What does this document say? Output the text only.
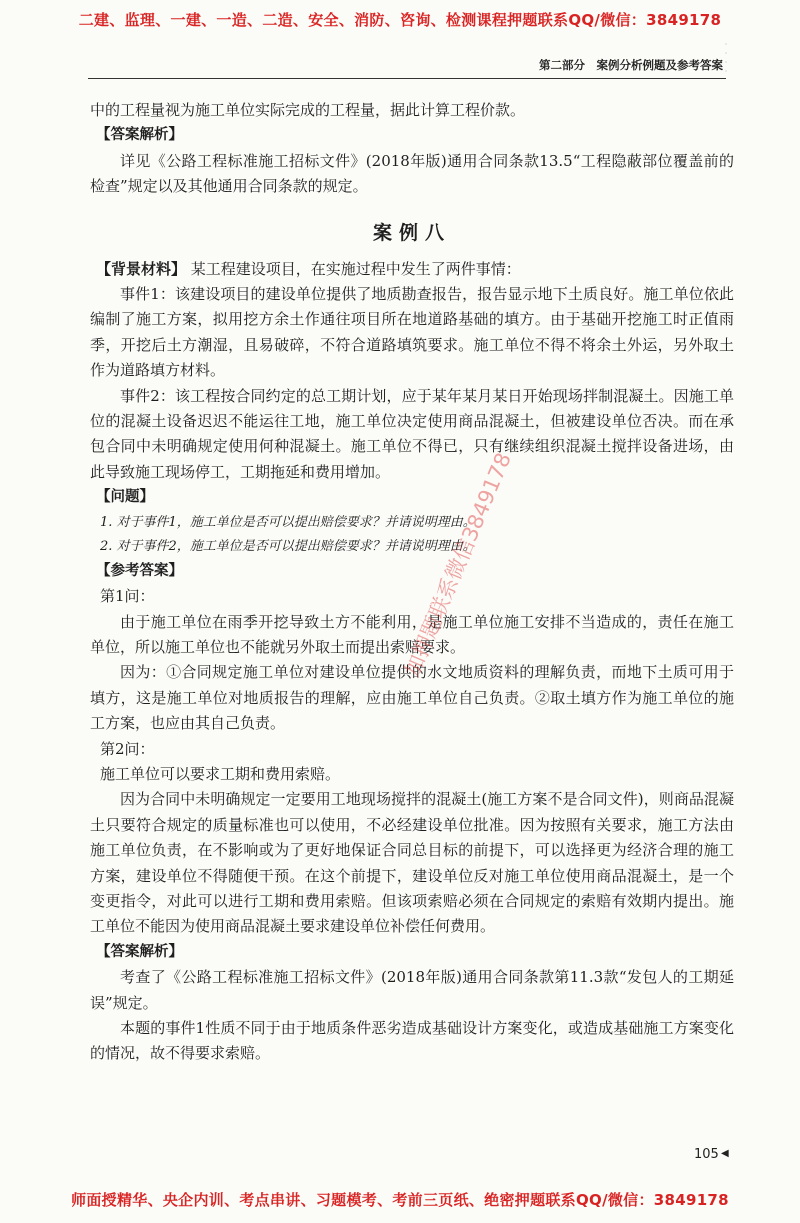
二建、监理、一建、一造、二造、安全、消防、咨询、检测课程押题联系QQ/微信：3849178
·
·
·
·
第二部分　案例分析例题及参考答案

中的工程量视为施工单位实际完成的工程量，据此计算工程价款。

【答案解析】

详见《公路工程标准施工招标文件》(2018年版)通用合同条款13.5“工程隐蔽部位覆盖前的检查”规定以及其他通用合同条款的规定。

案例八

【背景材料】 某工程建设项目，在实施过程中发生了两件事情：

事件1：该建设项目的建设单位提供了地质勘查报告，报告显示地下土质良好。施工单位依此编制了施工方案，拟用挖方余土作通往项目所在地道路基础的填方。由于基础开挖施工时正值雨季，开挖后土方潮湿，且易破碎，不符合道路填筑要求。施工单位不得不将余土外运，另外取土作为道路填方材料。

事件2：该工程按合同约定的总工期计划，应于某年某月某日开始现场拌制混凝土。因施工单位的混凝土设备迟迟不能运往工地，施工单位决定使用商品混凝土，但被建设单位否决。而在承包合同中未明确规定使用何种混凝土。施工单位不得已，只有继续组织混凝土搅拌设备进场，由此导致施工现场停工，工期拖延和费用增加。

【问题】

1. 对于事件1，施工单位是否可以提出赔偿要求？并请说明理由。

2. 对于事件2，施工单位是否可以提出赔偿要求？并请说明理由。

【参考答案】

第1问：

由于施工单位在雨季开挖导致土方不能利用，是施工单位施工安排不当造成的，责任在施工单位，所以施工单位也不能就另外取土而提出索赔要求。

因为：①合同规定施工单位对建设单位提供的水文地质资料的理解负责，而地下土质可用于填方，这是施工单位对地质报告的理解，应由施工单位自己负责。②取土填方作为施工单位的施工方案，也应由其自己负责。

第2问：

施工单位可以要求工期和费用索赔。

因为合同中未明确规定一定要用工地现场搅拌的混凝土(施工方案不是合同文件)，则商品混凝土只要符合规定的质量标准也可以使用，不必经建设单位批准。因为按照有关要求，施工方法由施工单位负责，在不影响或为了更好地保证合同总目标的前提下，可以选择更为经济合理的施工方案，建设单位不得随便干预。在这个前提下，建设单位反对施工单位使用商品混凝土，是一个变更指令，对此可以进行工期和费用索赔。但该项索赔必须在合同规定的索赔有效期内提出。施工单位不能因为使用商品混凝土要求建设单位补偿任何费用。

【答案解析】

考查了《公路工程标准施工招标文件》(2018年版)通用合同条款第11.3款“发包人的工期延误”规定。

本题的事件1性质不同于由于地质条件恶劣造成基础设计方案变化，或造成基础施工方案变化的情况，故不得要求索赔。

加押题联系微信3849178
105 ◀
师面授精华、央企内训、考点串讲、习题模考、考前三页纸、绝密押题联系QQ/微信：3849178
